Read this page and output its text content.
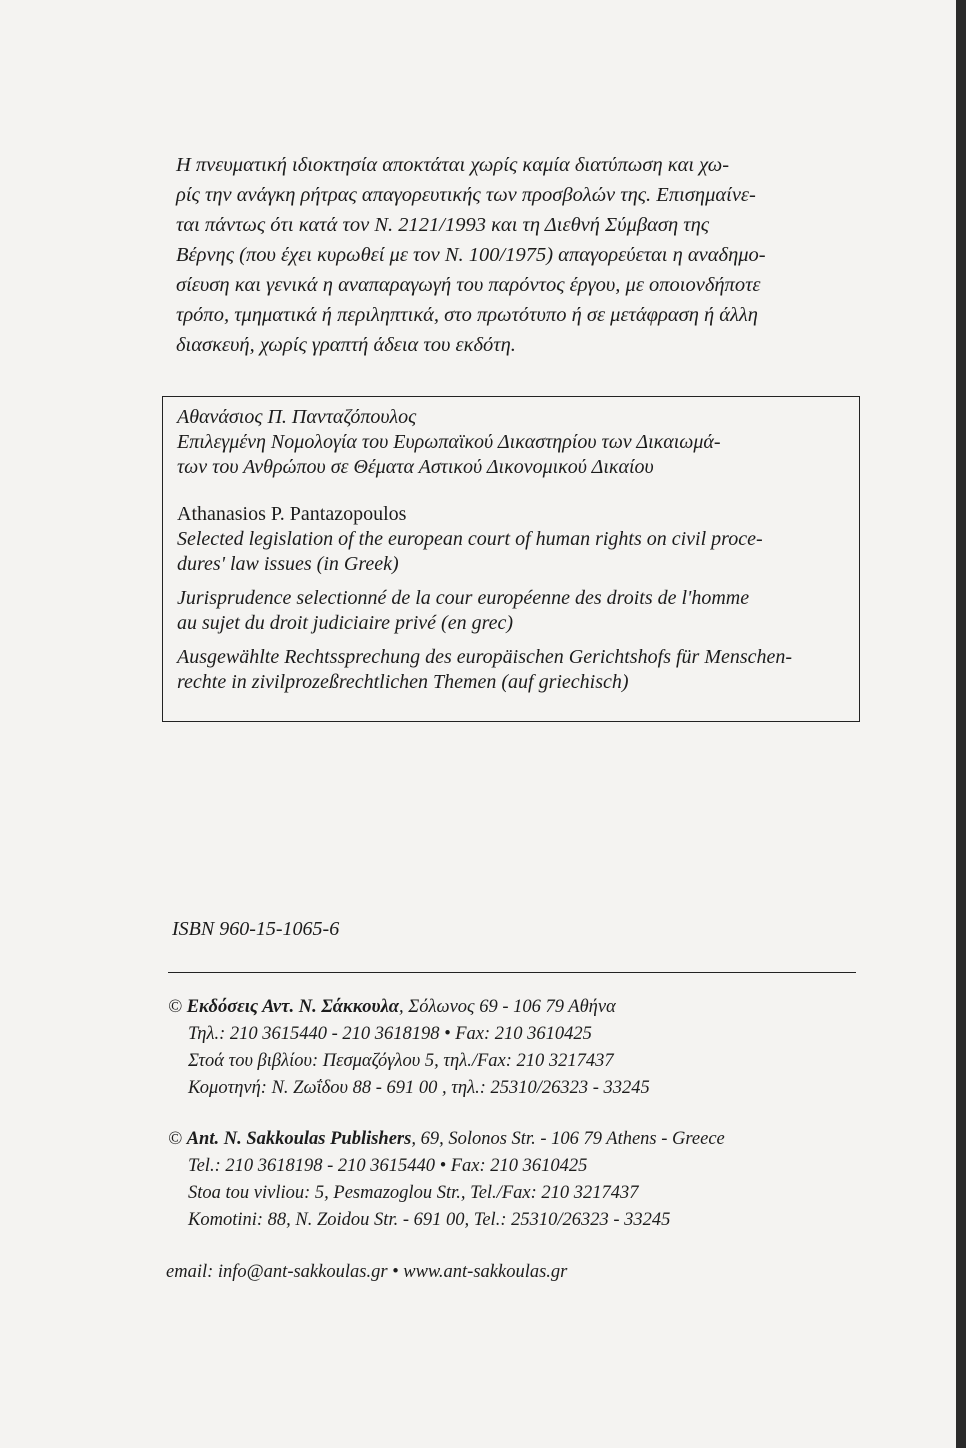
Η πνευματική ιδιοκτησία αποκτάται χωρίς καμία διατύπωση και χω-

ρίς την ανάγκη ρήτρας απαγορευτικής των προσβολών της. Επισημαίνε-

ται πάντως ότι κατά τον Ν. 2121/1993 και τη Διεθνή Σύμβαση της

Βέρνης (που έχει κυρωθεί με τον Ν. 100/1975) απαγορεύεται η αναδημο-

σίευση και γενικά η αναπαραγωγή του παρόντος έργου, με οποιονδήποτε

τρόπο, τμηματικά ή περιληπτικά, στο πρωτότυπο ή σε μετάφραση ή άλλη

διασκευή, χωρίς γραπτή άδεια του εκδότη.

Αθανάσιος Π. Πανταζόπουλος

Επιλεγμένη Νομολογία του Ευρωπαϊκού Δικαστηρίου των Δικαιωμά-

των του Ανθρώπου σε Θέματα Αστικού Δικονομικού Δικαίου

Athanasios P. Pantazopoulos

Selected legislation of the european court of human rights on civil proce-

dures' law issues (in Greek)

Jurisprudence selectionné de la cour européenne des droits de l'homme

au sujet du droit judiciaire privé (en grec)

Ausgewählte Rechtssprechung des europäischen Gerichtshofs für Menschen-

rechte in zivilprozeßrechtlichen Themen (auf griechisch)

ISBN 960-15-1065-6

© Εκδόσεις Αντ. Ν. Σάκκουλα, Σόλωνος 69 - 106 79 Αθήνα

Τηλ.: 210 3615440 - 210 3618198 • Fax: 210 3610425

Στοά του βιβλίου: Πεσμαζόγλου 5, τηλ./Fax: 210 3217437

Κομοτηνή: Ν. Ζωΐδου 88 - 691 00 , τηλ.: 25310/26323 - 33245

© Ant. N. Sakkoulas Publishers, 69, Solonos Str. - 106 79 Athens - Greece

Tel.: 210 3618198 - 210 3615440 • Fax: 210 3610425

Stoa tou vivliou: 5, Pesmazoglou Str., Tel./Fax: 210 3217437

Komotini: 88, N. Zoidou Str. - 691 00, Tel.: 25310/26323 - 33245

email: info@ant-sakkoulas.gr • www.ant-sakkoulas.gr
